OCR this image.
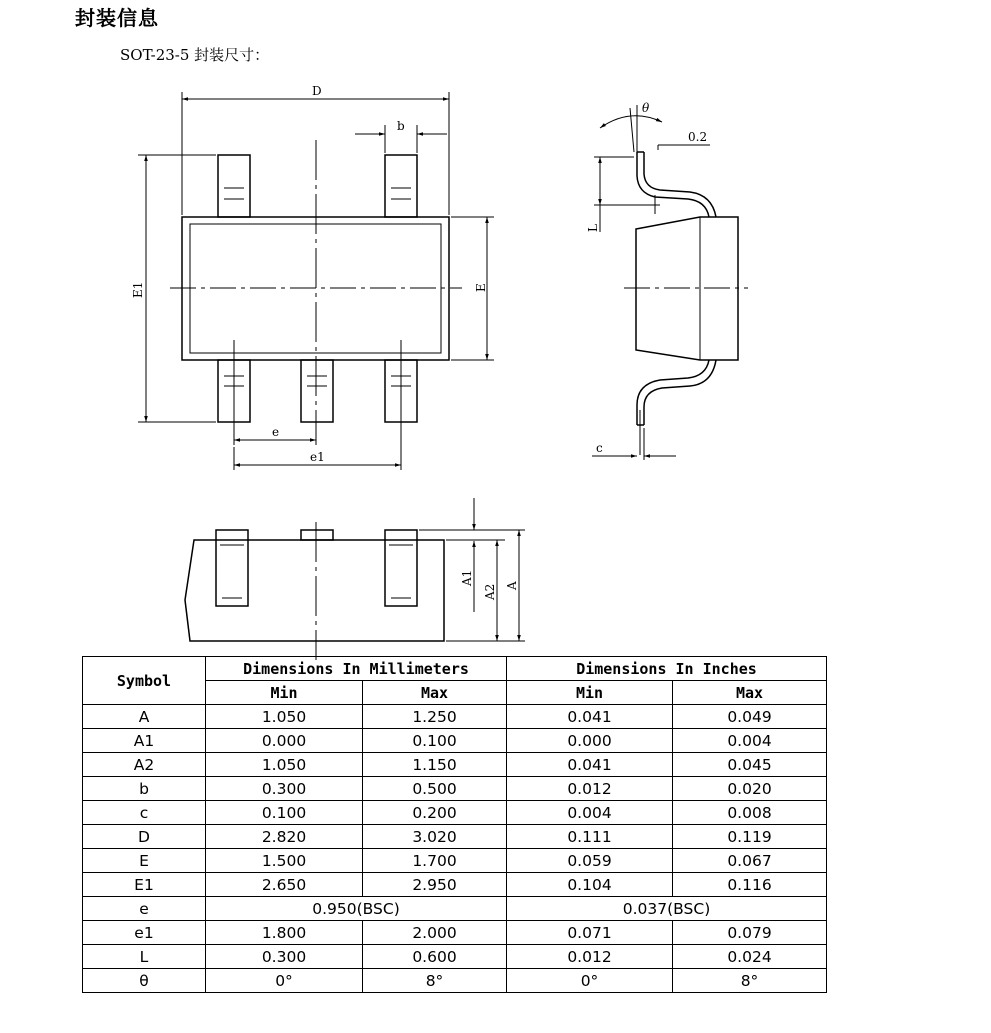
封装信息
SOT-23-5 封装尺寸：
D
b
E1	E
e
e1
θ
0.2
L
c
A1
A2 A
Symbol	Dimensions In Millimeters		Dimensions In Inches	
	Min	Max	Min	Max
A	1.050	1.250	0.041	0.049
A1	0.000	0.100	0.000	0.004
A2	1.050	1.150	0.041	0.045
b	0.300	0.500	0.012	0.020
c	0.100	0.200	0.004	0.008
D	2.820	3.020	0.111	0.119
E	1.500	1.700	0.059	0.067
E1	2.650	2.950	0.104	0.116
e	0.950(BSC)		0.037(BSC)	
e1	1.800	2.000	0.071	0.079
L	0.300	0.600	0.012	0.024
θ	0°	8°	0°	8°
